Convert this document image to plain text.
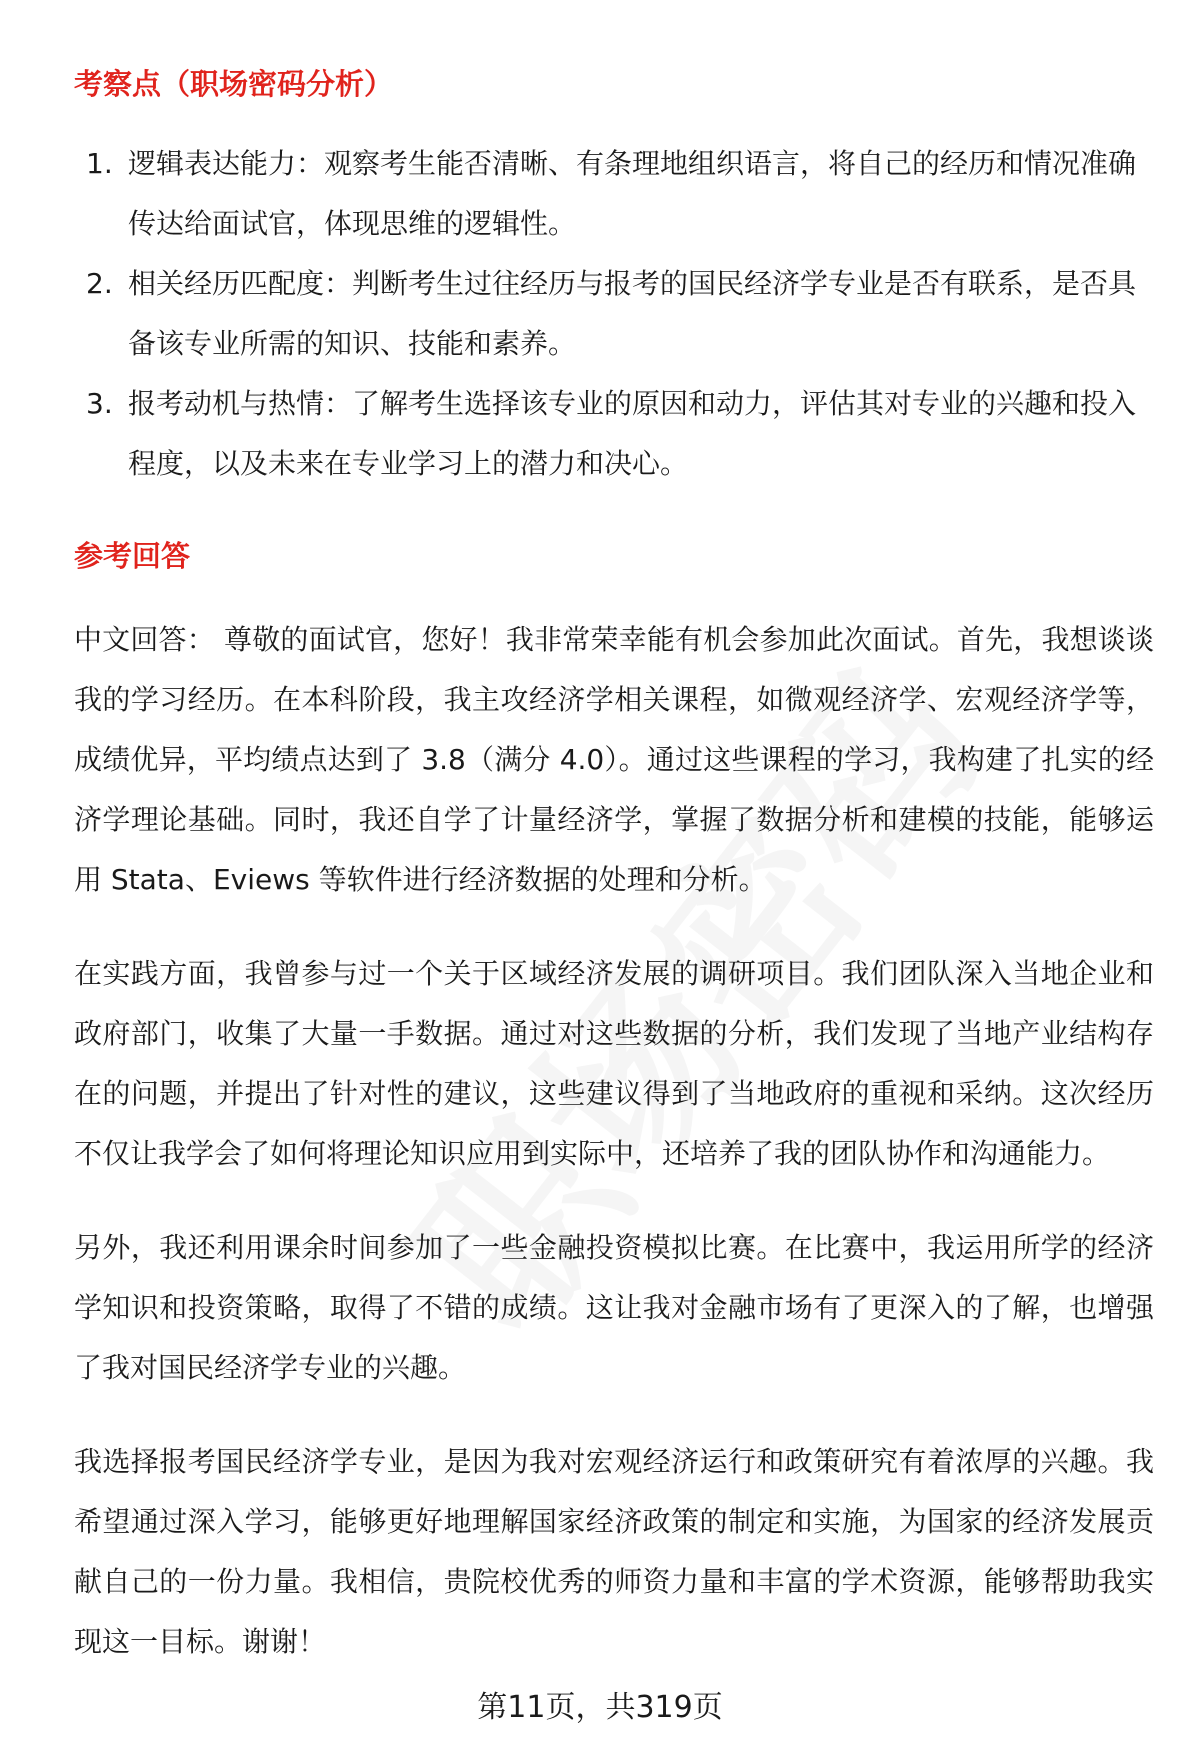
考察点（职场密码分析）
1. 逻辑表达能力：观察考生能否清晰、有条理地组织语言，将自己的经历和情况准确传达给面试官，体现思维的逻辑性。
2. 相关经历匹配度：判断考生过往经历与报考的国民经济学专业是否有联系，是否具备该专业所需的知识、技能和素养。
3. 报考动机与热情：了解考生选择该专业的原因和动力，评估其对专业的兴趣和投入程度，以及未来在专业学习上的潜力和决心。
参考回答

中文回答： 尊敬的面试官，您好！我非常荣幸能有机会参加此次面试。首先，我想谈谈我的学习经历。在本科阶段，我主攻经济学相关课程，如微观经济学、宏观经济学等，成绩优异，平均绩点达到了 3.8（满分 4.0）。通过这些课程的学习，我构建了扎实的经济学理论基础。同时，我还自学了计量经济学，掌握了数据分析和建模的技能，能够运用 Stata、Eviews 等软件进行经济数据的处理和分析。

在实践方面，我曾参与过一个关于区域经济发展的调研项目。我们团队深入当地企业和政府部门，收集了大量一手数据。通过对这些数据的分析，我们发现了当地产业结构存在的问题，并提出了针对性的建议，这些建议得到了当地政府的重视和采纳。这次经历不仅让我学会了如何将理论知识应用到实际中，还培养了我的团队协作和沟通能力。

另外，我还利用课余时间参加了一些金融投资模拟比赛。在比赛中，我运用所学的经济学知识和投资策略，取得了不错的成绩。这让我对金融市场有了更深入的了解，也增强了我对国民经济学专业的兴趣。

我选择报考国民经济学专业，是因为我对宏观经济运行和政策研究有着浓厚的兴趣。我希望通过深入学习，能够更好地理解国家经济政策的制定和实施，为国家的经济发展贡献自己的一份力量。我相信，贵院校优秀的师资力量和丰富的学术资源，能够帮助我实现这一目标。谢谢！

第11页，共319页
